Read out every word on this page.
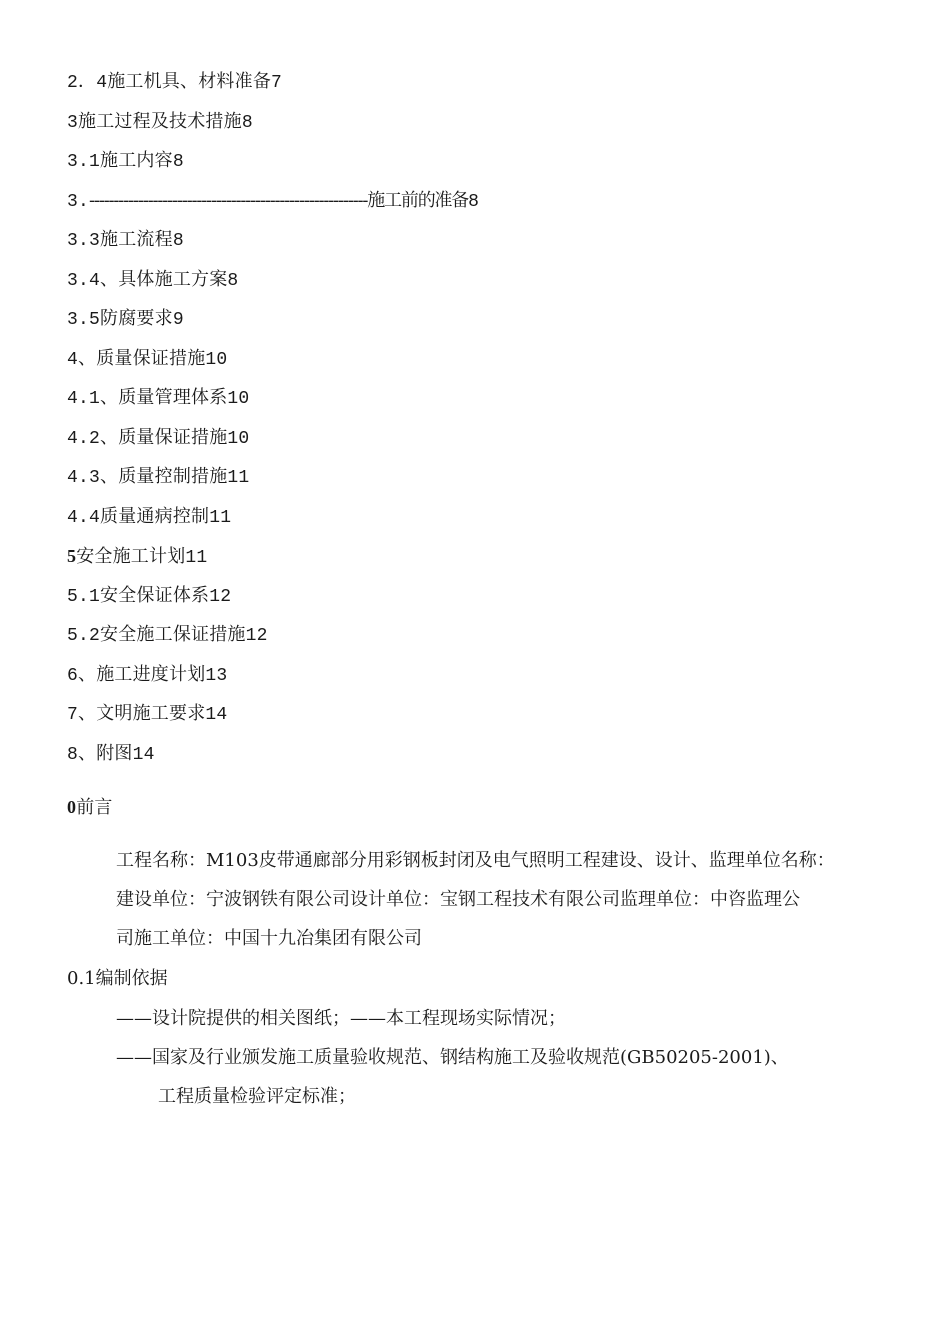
2．4施工机具、材料准备7
3施工过程及技术措施8
3.1施工内容8
3.---------------------------------------------------------施工前的准备8
3.3施工流程8
3.4、具体施工方案8
3.5防腐要求9
4、质量保证措施10
4.1、质量管理体系10
4.2、质量保证措施10
4.3、质量控制措施11
4.4质量通病控制11
5安全施工计划11
5.1安全保证体系12
5.2安全施工保证措施12
6、施工进度计划13
7、文明施工要求14
8、附图14
0前言
工程名称：M103皮带通廊部分用彩钢板封闭及电气照明工程建设、设计、监理单位名称：
建设单位：宁波钢铁有限公司设计单位：宝钢工程技术有限公司监理单位：中咨监理公
司施工单位：中国十九冶集团有限公司
0.1编制依据
——设计院提供的相关图纸；——本工程现场实际情况；
——国家及行业颁发施工质量验收规范、钢结构施工及验收规范(GB50205-2001)、
工程质量检验评定标准；
